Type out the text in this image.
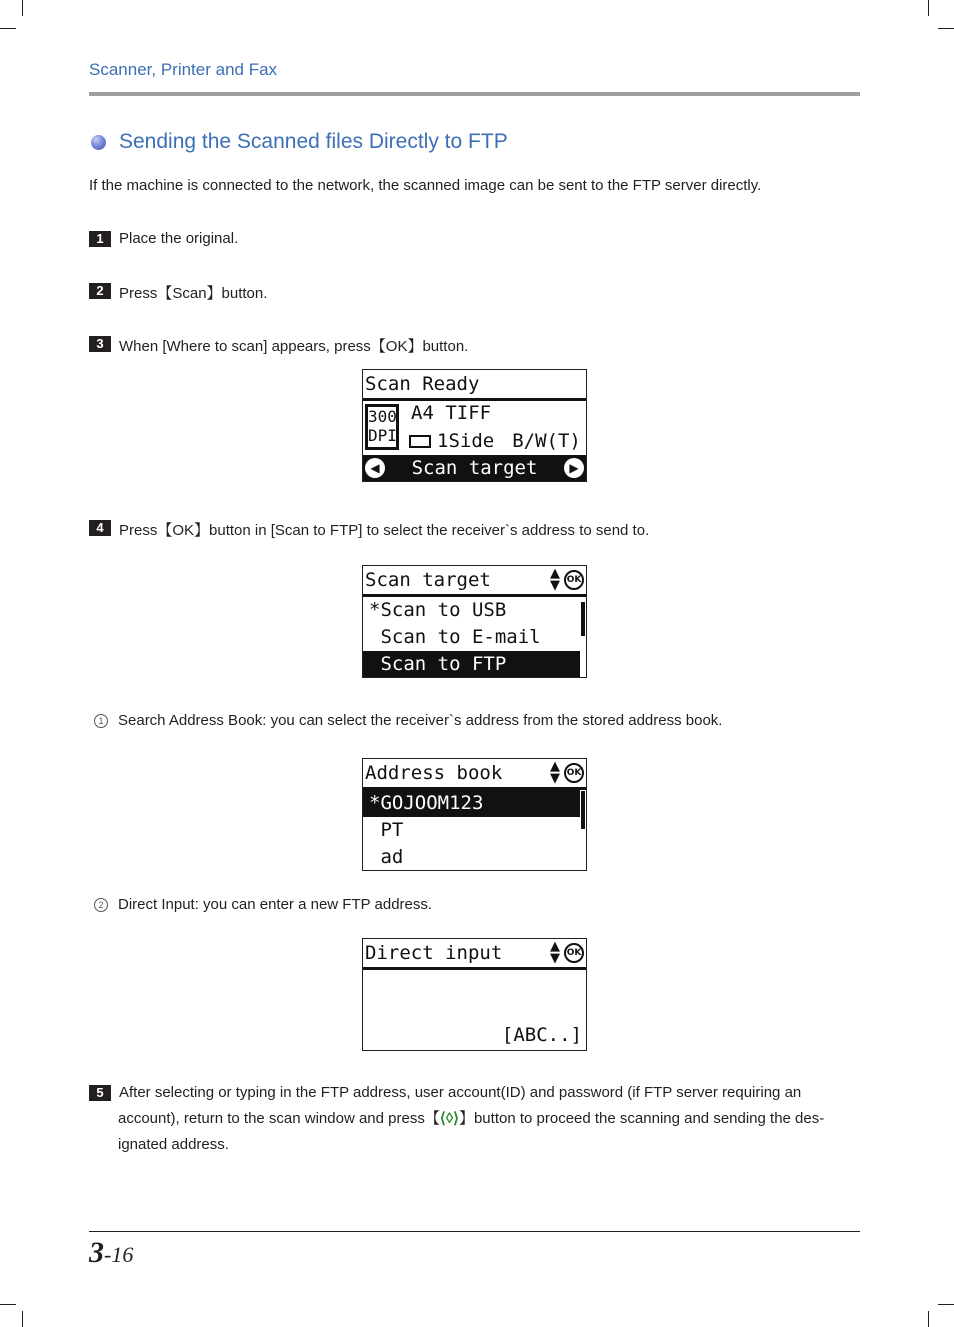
Scanner, Printer and Fax
Sending the Scanned files Directly to FTP
If the machine is connected to the network, the scanned image can be sent to the FTP server directly.
1	Place the original.
2	Press【Scan】button.
3	When [Where to scan] appears, press【OK】button.
Scan Ready
300
DPI
A4 TIFF
1Side B/W(T)
◀ Scan target	▶
4	Press【OK】button in [Scan to FTP] to select the receiver`s address to send to.
Scan target	▲
▼ OK
*Scan to USB
Scan to E-mail
Scan to FTP
1 Search Address Book: you can select the receiver`s address from the stored address book.
Address book	▲
▼ OK
*GOJOOM123
PT
ad
2 Direct Input: you can enter a new FTP address.
Direct input	▲
▼ OK
[ABC..]
5	After selecting or typing in the FTP address, user account(ID) and password (if FTP server requiring an
account), return to the scan window and press【⟨◊⟩】button to proceed the scanning and sending the des-
ignated address.
3-16
